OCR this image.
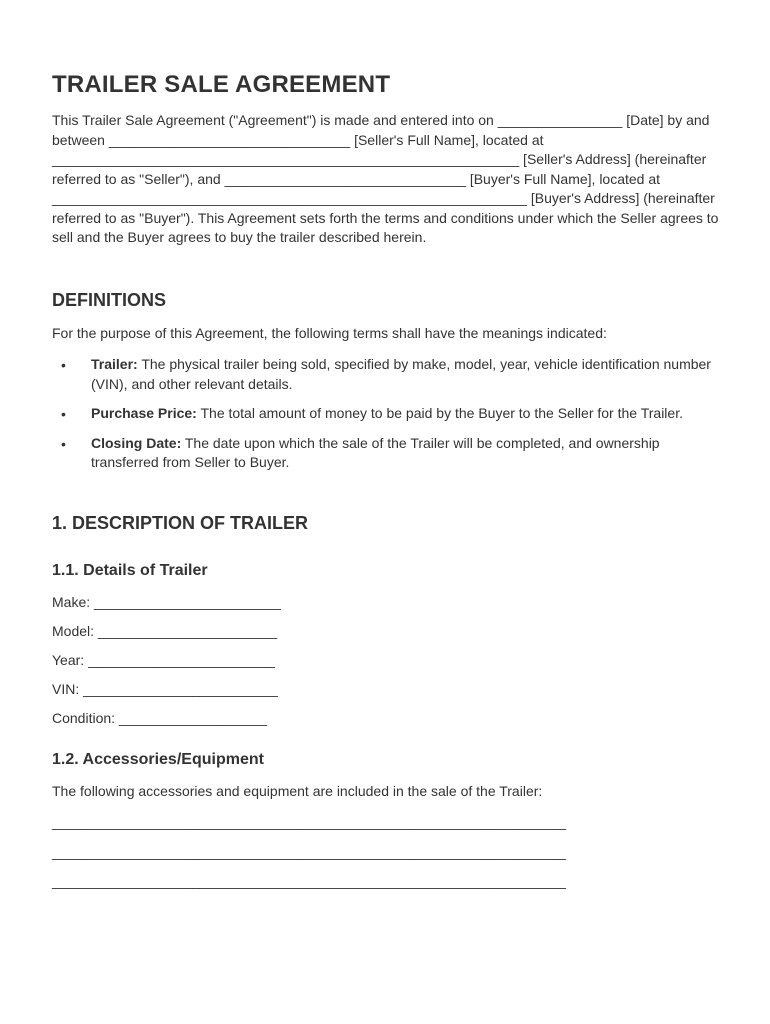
TRAILER SALE AGREEMENT

This Trailer Sale Agreement ("Agreement") is made and entered into on ________________ [Date] by and between _______________________________ [Seller's Full Name], located at ____________________________________________________________ [Seller's Address] (hereinafter referred to as "Seller"), and _______________________________ [Buyer's Full Name], located at _____________________________________________________________ [Buyer's Address] (hereinafter referred to as "Buyer"). This Agreement sets forth the terms and conditions under which the Seller agrees to sell and the Buyer agrees to buy the trailer described herein.

DEFINITIONS

For the purpose of this Agreement, the following terms shall have the meanings indicated:

• Trailer: The physical trailer being sold, specified by make, model, year, vehicle identification number (VIN), and other relevant details.
• Purchase Price: The total amount of money to be paid by the Buyer to the Seller for the Trailer.
• Closing Date: The date upon which the sale of the Trailer will be completed, and ownership transferred from Seller to Buyer.
1. DESCRIPTION OF TRAILER
1.1. Details of Trailer
Make: ________________________
Model: _______________________
Year: ________________________
VIN: _________________________
Condition: ___________________
1.2. Accessories/Equipment

The following accessories and equipment are included in the sale of the Trailer:

__________________________________________________________________
__________________________________________________________________
__________________________________________________________________
